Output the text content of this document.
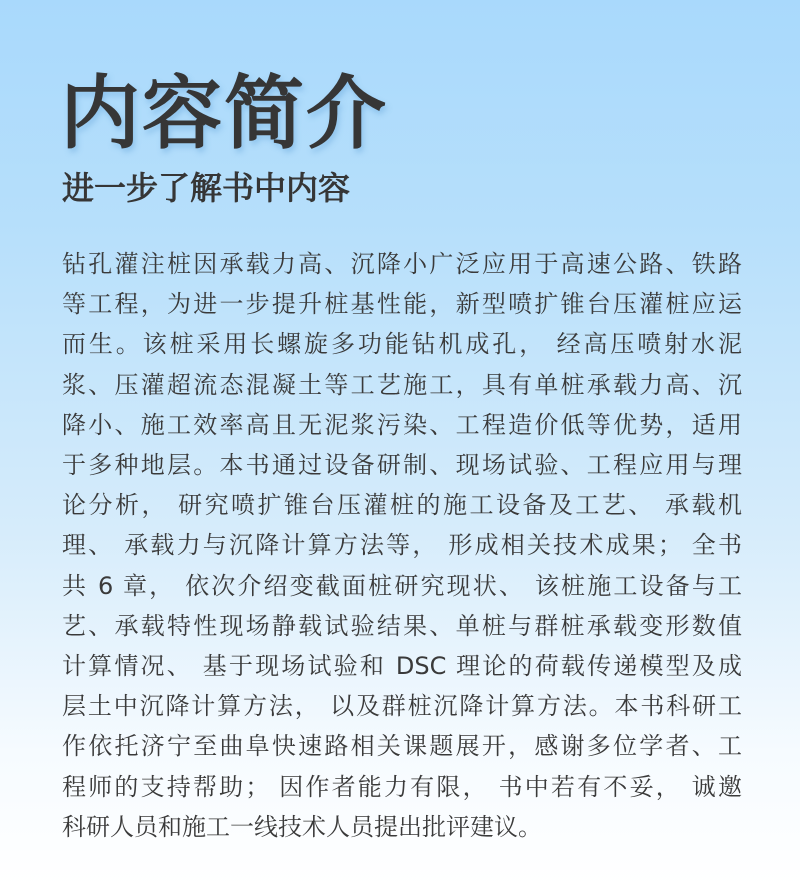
内容简介
进一步了解书中内容
钻孔灌注桩因承载力高、沉降小广泛应用于高速公路、铁路
等工程，为进一步提升桩基性能，新型喷扩锥台压灌桩应运
而生。该桩采用长螺旋多功能钻机成孔， 经高压喷射水泥
浆、压灌超流态混凝土等工艺施工，具有单桩承载力高、沉
降小、施工效率高且无泥浆污染、工程造价低等优势，适用
于多种地层。本书通过设备研制、现场试验、工程应用与理
论分析， 研究喷扩锥台压灌桩的施工设备及工艺、 承载机
理、 承载力与沉降计算方法等， 形成相关技术成果； 全书
共 6 章， 依次介绍变截面桩研究现状、 该桩施工设备与工
艺、承载特性现场静载试验结果、单桩与群桩承载变形数值
计算情况、 基于现场试验和 DSC 理论的荷载传递模型及成
层土中沉降计算方法， 以及群桩沉降计算方法。本书科研工
作依托济宁至曲阜快速路相关课题展开，感谢多位学者、工
程师的支持帮助； 因作者能力有限， 书中若有不妥， 诚邀
科研人员和施工一线技术人员提出批评建议。
